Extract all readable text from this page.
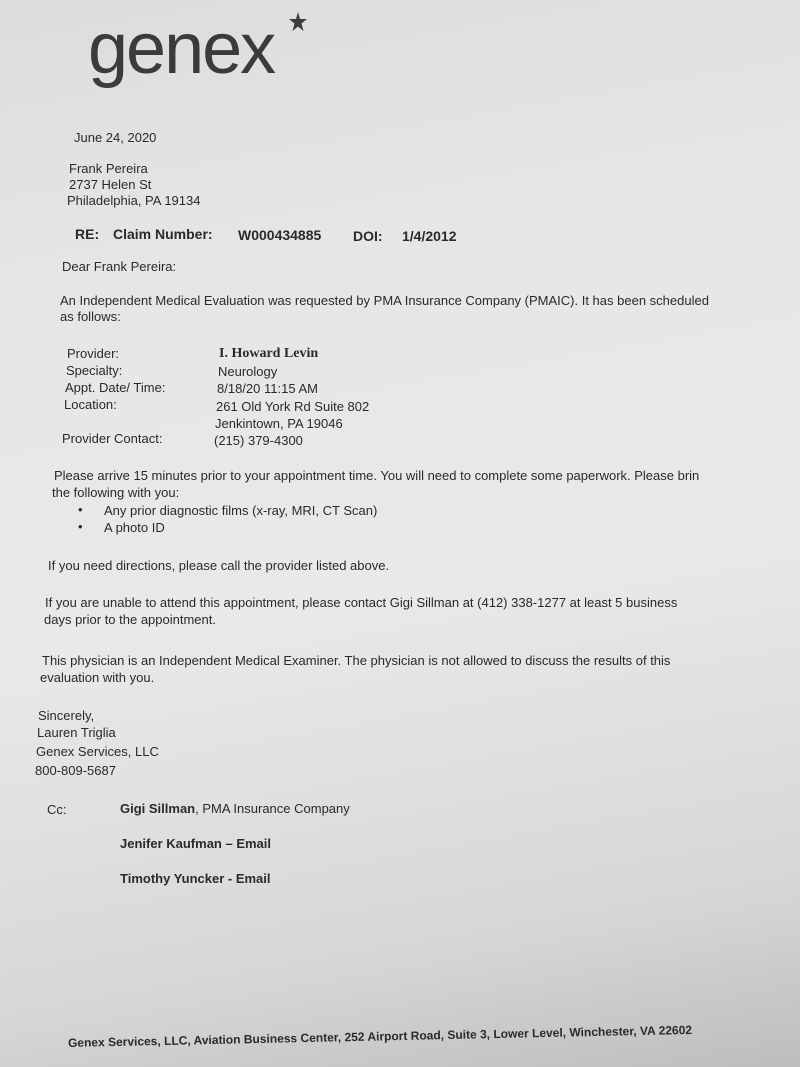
genex
June 24, 2020
Frank Pereira
2737 Helen St
Philadelphia, PA 19134
RE: Claim Number: W000434885 DOI: 1/4/2012
Dear Frank Pereira:
An Independent Medical Evaluation was requested by PMA Insurance Company (PMAIC). It has been scheduled
as follows:
Provider:	I. Howard Levin
Specialty:	Neurology
Appt. Date/ Time:	8/18/20 11:15 AM
Location:	261 Old York Rd Suite 802
Jenkintown, PA 19046
Provider Contact:	(215) 379-4300
Please arrive 15 minutes prior to your appointment time. You will need to complete some paperwork. Please brin
the following with you:
• Any prior diagnostic films (x-ray, MRI, CT Scan)
• A photo ID
If you need directions, please call the provider listed above.
If you are unable to attend this appointment, please contact Gigi Sillman at (412) 338-1277 at least 5 business
days prior to the appointment.
This physician is an Independent Medical Examiner. The physician is not allowed to discuss the results of this
evaluation with you.
Sincerely,
Lauren Triglia
Genex Services, LLC
800-809-5687
Cc:	Gigi Sillman, PMA Insurance Company
Jenifer Kaufman – Email
Timothy Yuncker - Email
Genex Services, LLC, Aviation Business Center, 252 Airport Road, Suite 3, Lower Level, Winchester, VA 22602
